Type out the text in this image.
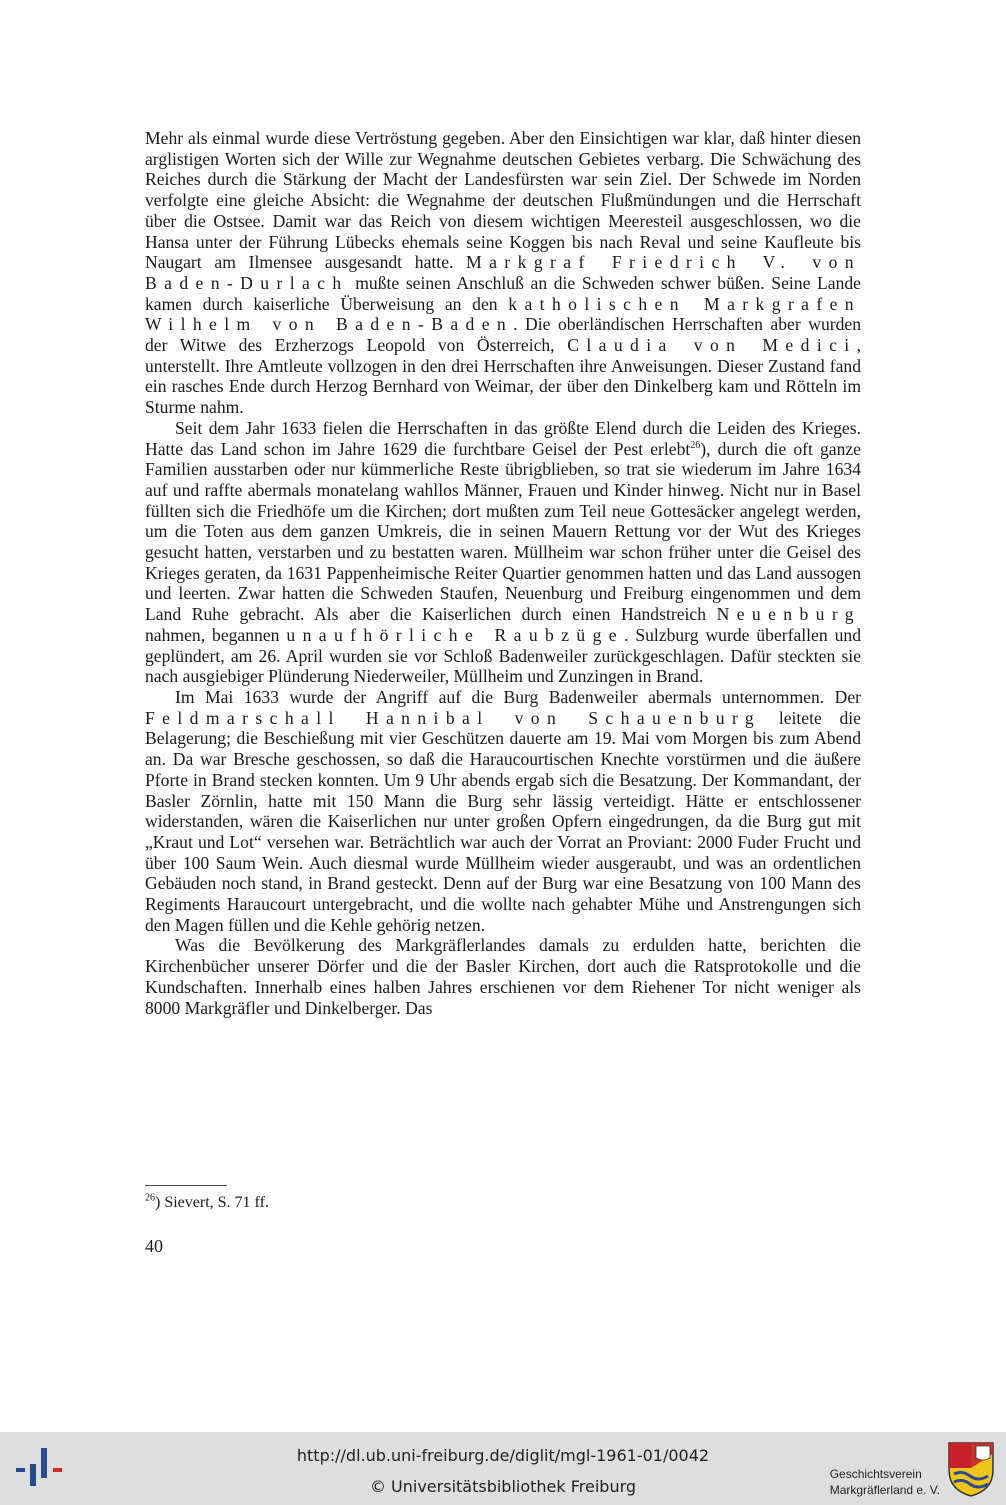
Mehr als einmal wurde diese Vertröstung gegeben. Aber den Einsichtigen war klar, daß hinter diesen arglistigen Worten sich der Wille zur Wegnahme deutschen Gebietes verbarg. Die Schwächung des Reiches durch die Stärkung der Macht der Landesfürsten war sein Ziel. Der Schwede im Norden verfolgte eine gleiche Absicht: die Wegnahme der deutschen Flußmündungen und die Herrschaft über die Ostsee. Damit war das Reich von diesem wichtigen Meeresteil ausgeschlossen, wo die Hansa unter der Führung Lübecks ehemals seine Koggen bis nach Reval und seine Kaufleute bis Naugart am Ilmensee ausgesandt hatte. Markgraf Friedrich V. von Baden-Durlach mußte seinen Anschluß an die Schweden schwer büßen. Seine Lande kamen durch kaiserliche Überweisung an den katholischen Markgrafen Wilhelm von Baden-Baden. Die oberländischen Herrschaften aber wurden der Witwe des Erzherzogs Leopold von Österreich, Claudia von Medici, unterstellt. Ihre Amtleute vollzogen in den drei Herrschaften ihre Anweisungen. Dieser Zustand fand ein rasches Ende durch Herzog Bernhard von Weimar, der über den Dinkelberg kam und Rötteln im Sturme nahm.

Seit dem Jahr 1633 fielen die Herrschaften in das größte Elend durch die Leiden des Krieges. Hatte das Land schon im Jahre 1629 die furchtbare Geisel der Pest erlebt$^{26}$), durch die oft ganze Familien ausstarben oder nur kümmerliche Reste übrigblieben, so trat sie wiederum im Jahre 1634 auf und raffte abermals monatelang wahllos Männer, Frauen und Kinder hinweg. Nicht nur in Basel füllten sich die Friedhöfe um die Kirchen; dort mußten zum Teil neue Gottesäcker angelegt werden, um die Toten aus dem ganzen Umkreis, die in seinen Mauern Rettung vor der Wut des Krieges gesucht hatten, verstarben und zu bestatten waren. Müllheim war schon früher unter die Geisel des Krieges geraten, da 1631 Pappenheimische Reiter Quartier genommen hatten und das Land aussogen und leerten. Zwar hatten die Schweden Staufen, Neuenburg und Freiburg eingenommen und dem Land Ruhe gebracht. Als aber die Kaiserlichen durch einen Handstreich Neuenburg nahmen, begannen unaufhörliche Raubzüge. Sulzburg wurde überfallen und geplündert, am 26. April wurden sie vor Schloß Badenweiler zurückgeschlagen. Dafür steckten sie nach ausgiebiger Plünderung Niederweiler, Müllheim und Zunzingen in Brand.

Im Mai 1633 wurde der Angriff auf die Burg Badenweiler abermals unternommen. Der Feldmarschall Hannibal von Schauenburg leitete die Belagerung; die Beschießung mit vier Geschützen dauerte am 19. Mai vom Morgen bis zum Abend an. Da war Bresche geschossen, so daß die Haraucourtischen Knechte vorstürmen und die äußere Pforte in Brand stecken konnten. Um 9 Uhr abends ergab sich die Besatzung. Der Kommandant, der Basler Zörnlin, hatte mit 150 Mann die Burg sehr lässig verteidigt. Hätte er entschlossener widerstanden, wären die Kaiserlichen nur unter großen Opfern eingedrungen, da die Burg gut mit „Kraut und Lot“ versehen war. Beträchtlich war auch der Vorrat an Proviant: 2000 Fuder Frucht und über 100 Saum Wein. Auch diesmal wurde Müllheim wieder ausgeraubt, und was an ordentlichen Gebäuden noch stand, in Brand gesteckt. Denn auf der Burg war eine Besatzung von 100 Mann des Regiments Haraucourt untergebracht, und die wollte nach gehabter Mühe und Anstrengungen sich den Magen füllen und die Kehle gehörig netzen.

Was die Bevölkerung des Markgräflerlandes damals zu erdulden hatte, berichten die Kirchenbücher unserer Dörfer und die der Basler Kirchen, dort auch die Ratsprotokolle und die Kundschaften. Innerhalb eines halben Jahres erschienen vor dem Riehener Tor nicht weniger als 8000 Markgräfler und Dinkelberger. Das

$^{26}$) Sievert, S. 71 ff.
40
http://dl.ub.uni-freiburg.de/diglit/mgl-1961-01/0042
© Universitätsbibliothek Freiburg
Geschichtsverein
Markgräflerland e. V.
